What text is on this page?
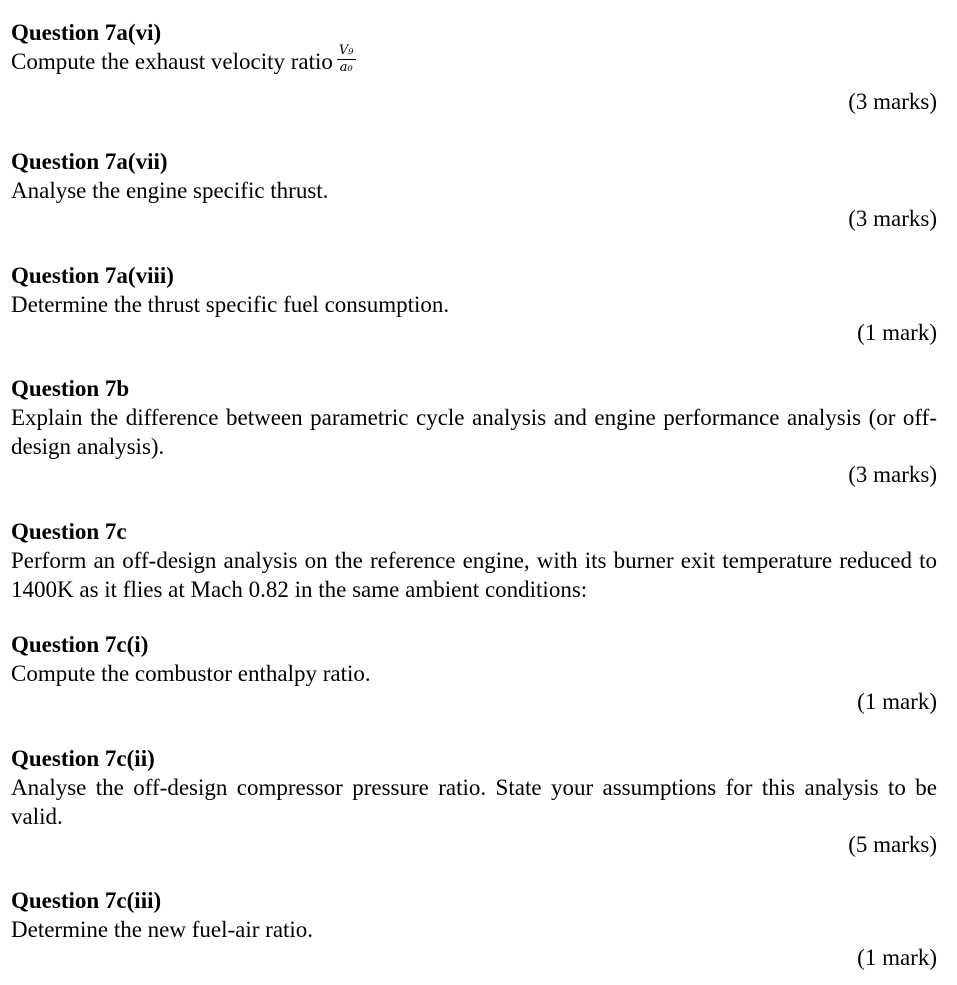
Question 7a(vi)

Compute the exhaust velocity ratio $\frac{\text{V₉}}{\text{a₀}}$

(3 marks)

Question 7a(vii)

Analyse the engine specific thrust.

(3 marks)

Question 7a(viii)

Determine the thrust specific fuel consumption.

(1 mark)

Question 7b

Explain the difference between parametric cycle analysis and engine performance analysis (or off-design analysis).

(3 marks)

Question 7c

Perform an off-design analysis on the reference engine, with its burner exit temperature reduced to 1400K as it flies at Mach 0.82 in the same ambient conditions:

Question 7c(i)

Compute the combustor enthalpy ratio.

(1 mark)

Question 7c(ii)

Analyse the off-design compressor pressure ratio. State your assumptions for this analysis to be valid.

(5 marks)

Question 7c(iii)

Determine the new fuel-air ratio.

(1 mark)
